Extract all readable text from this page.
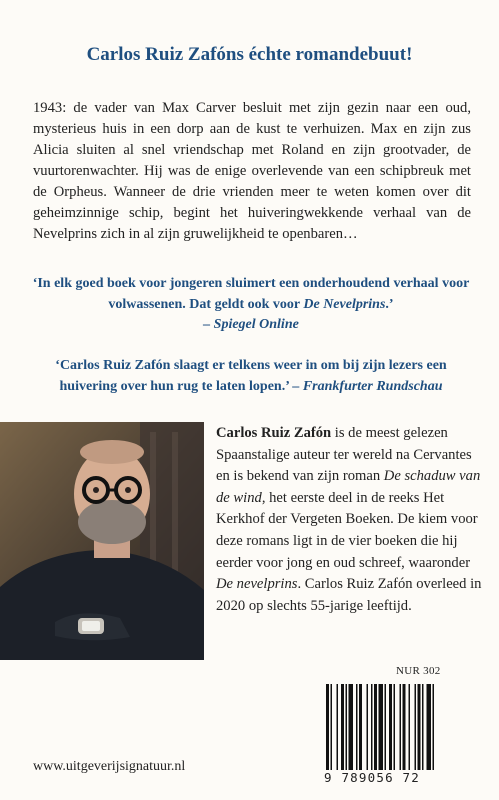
Carlos Ruiz Zafóns échte romandebuut!

1943: de vader van Max Carver besluit met zijn gezin naar een oud, mysterieus huis in een dorp aan de kust te verhuizen. Max en zijn zus Alicia sluiten al snel vriendschap met Roland en zijn grootvader, de vuurtorenwachter. Hij was de enige overlevende van een schipbreuk met de Orpheus. Wanneer de drie vrienden meer te weten komen over dit geheimzinnige schip, begint het huiveringwekkende verhaal van de Nevelprins zich in al zijn gruwelijkheid te openbaren…

‘In elk goed boek voor jongeren sluimert een onderhoudend verhaal voor volwassenen. Dat geldt ook voor De Nevelprins.’
– Spiegel Online

‘Carlos Ruiz Zafón slaagt er telkens weer in om bij zijn lezers een huivering over hun rug te laten lopen.’ – Frankfurter Rundschau

Carlos Ruiz Zafón is de meest gelezen Spaanstalige auteur ter wereld na Cervantes en is bekend van zijn roman De schaduw van de wind, het eerste deel in de reeks Het Kerkhof der Vergeten Boeken. De kiem voor deze romans ligt in de vier boeken die hij eerder voor jong en oud schreef, waaronder De nevelprins. Carlos Ruiz Zafón overleed in 2020 op slechts 55-jarige leeftijd.

NUR 302

9 789056 72

www.uitgeverijsignatuur.nl
